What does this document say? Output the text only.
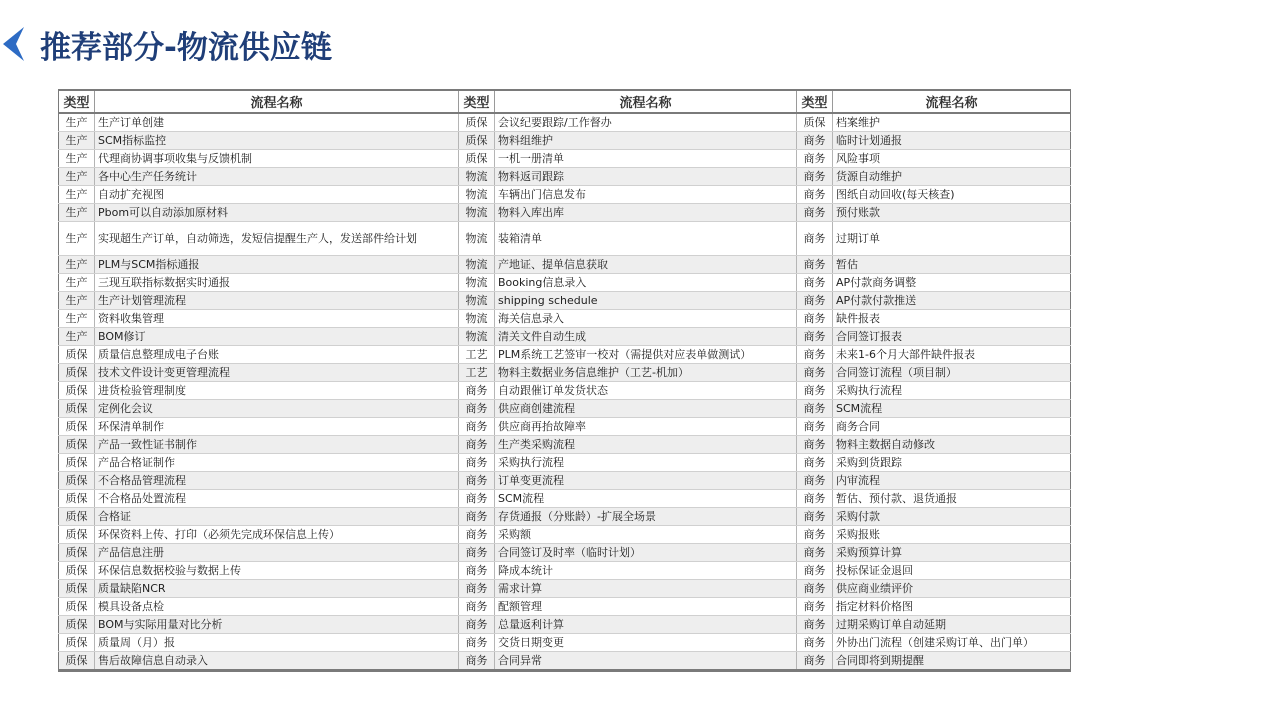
推荐部分-物流供应链
类型	流程名称	类型	流程名称	类型	流程名称
生产	生产订单创建	质保	会议纪要跟踪/工作督办	质保	档案维护
生产	SCM指标监控	质保	物料组维护	商务	临时计划通报
生产	代理商协调事项收集与反馈机制	质保	一机一册清单	商务	风险事项
生产	各中心生产任务统计	物流	物料返司跟踪	商务	货源自动维护
生产	自动扩充视图	物流	车辆出门信息发布	商务	图纸自动回收(每天核查)
生产	Pbom可以自动添加原材料	物流	物料入库出库	商务	预付账款
生产	实现超生产订单，自动筛选，发短信提醒生产人，发送部件给计划	物流	装箱清单	商务	过期订单
生产	PLM与SCM指标通报	物流	产地证、提单信息获取	商务	暂估
生产	三现互联指标数据实时通报	物流	Booking信息录入	商务	AP付款商务调整
生产	生产计划管理流程	物流	shipping schedule	商务	AP付款付款推送
生产	资料收集管理	物流	海关信息录入	商务	缺件报表
生产	BOM修订	物流	清关文件自动生成	商务	合同签订报表
质保	质量信息整理成电子台账	工艺	PLM系统工艺签审一校对（需提供对应表单做测试）	商务	未来1-6个月大部件缺件报表
质保	技术文件设计变更管理流程	工艺	物料主数据业务信息维护（工艺-机加）	商务	合同签订流程（项目制）
质保	进货检验管理制度	商务	自动跟催订单发货状态	商务	采购执行流程
质保	定例化会议	商务	供应商创建流程	商务	SCM流程
质保	环保清单制作	商务	供应商再抬故障率	商务	商务合同
质保	产品一致性证书制作	商务	生产类采购流程	商务	物料主数据自动修改
质保	产品合格证制作	商务	采购执行流程	商务	采购到货跟踪
质保	不合格品管理流程	商务	订单变更流程	商务	内审流程
质保	不合格品处置流程	商务	SCM流程	商务	暂估、预付款、退货通报
质保	合格证	商务	存货通报（分账龄）-扩展全场景	商务	采购付款
质保	环保资料上传、打印（必须先完成环保信息上传）	商务	采购额	商务	采购报账
质保	产品信息注册	商务	合同签订及时率（临时计划）	商务	采购预算计算
质保	环保信息数据校验与数据上传	商务	降成本统计	商务	投标保证金退回
质保	质量缺陷NCR	商务	需求计算	商务	供应商业绩评价
质保	模具设备点检	商务	配额管理	商务	指定材料价格图
质保	BOM与实际用量对比分析	商务	总量返利计算	商务	过期采购订单自动延期
质保	质量周（月）报	商务	交货日期变更	商务	外协出门流程（创建采购订单、出门单）
质保	售后故障信息自动录入	商务	合同异常	商务	合同即将到期提醒
